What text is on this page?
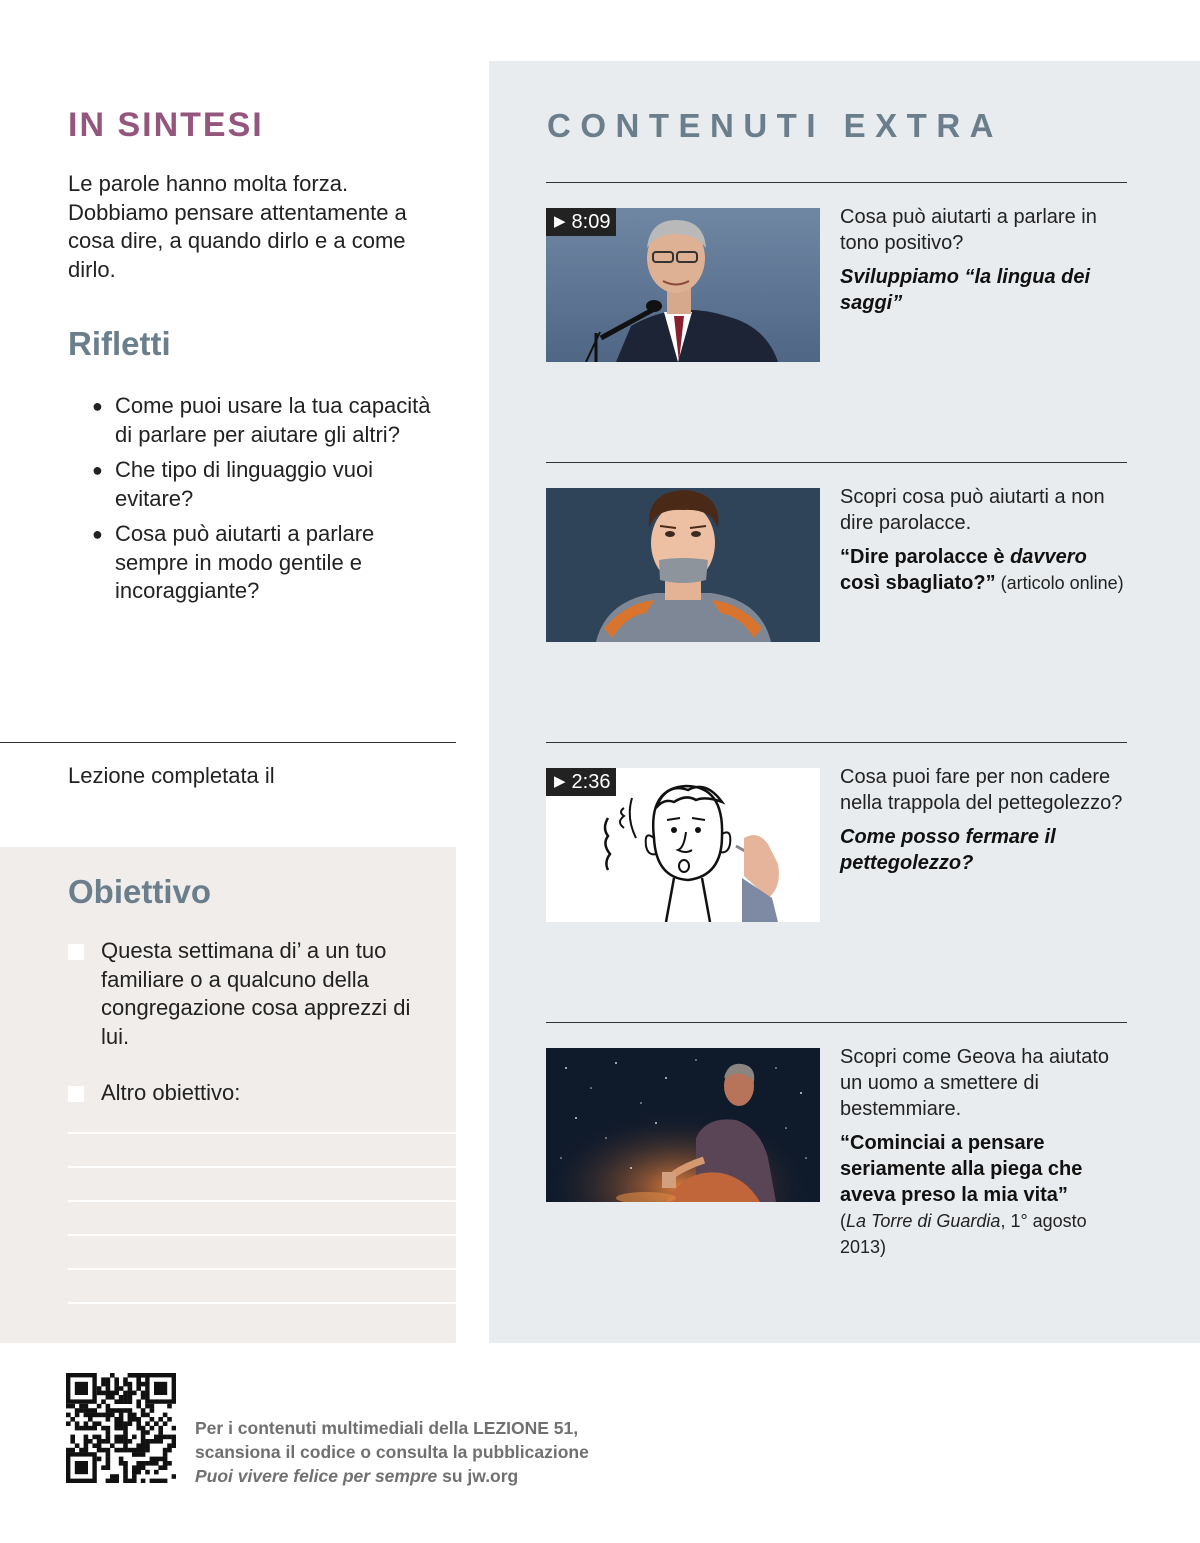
IN SINTESI

Le parole hanno molta forza. Dobbiamo pensare attentamente a cosa dire, a quando dirlo e a come dirlo.

Rifletti
● Come puoi usare la tua capacità di parlare per aiutare gli altri?
● Che tipo di linguaggio vuoi evitare?
● Cosa può aiutarti a parlare sempre in modo gentile e incoraggiante?
Lezione completata il
Obiettivo
Questa settimana di’ a un tuo familiare o a qualcuno della congregazione cosa apprezzi di lui.
Altro obiettivo:
CONTENUTI EXTRA
▶ 8:09	Cosa può aiutarti a parlare in tono positivo?
Sviluppiamo “la lingua dei saggi”
Scopri cosa può aiutarti a non dire parolacce.
“Dire parolacce è davvero così sbagliato?” (articolo online)
▶ 2:36	Cosa puoi fare per non cadere nella trappola del pettegolezzo?
Come posso fermare il pettegolezzo?
Scopri come Geova ha aiutato un uomo a smettere di bestemmiare.
“Cominciai a pensare seriamente alla piega che aveva preso la mia vita”
(La Torre di Guardia, 1° agosto 2013)
Per i contenuti multimediali della LEZIONE 51,
scansiona il codice o consulta la pubblicazione
Puoi vivere felice per sempre su jw.org
